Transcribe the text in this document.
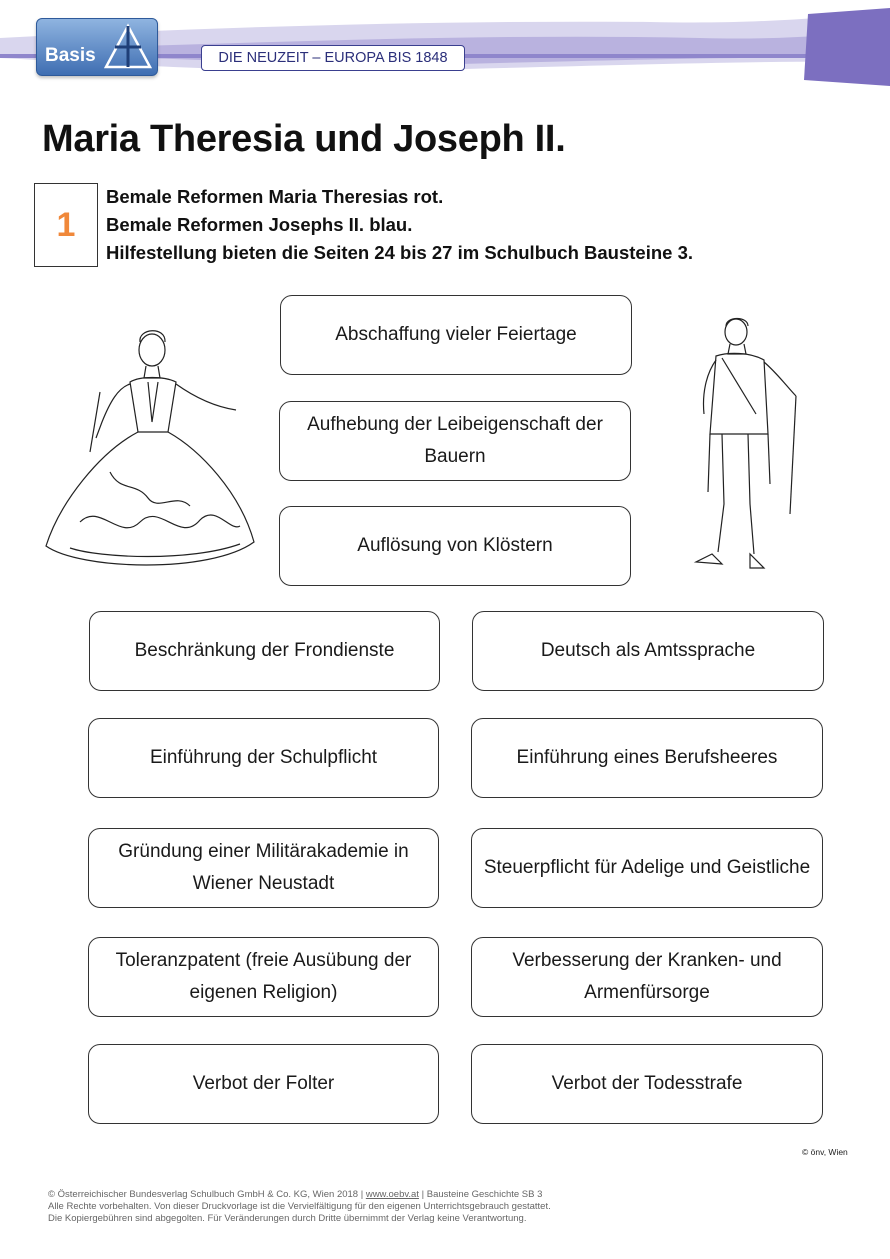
Basis	DIE NEUZEIT – EUROPA BIS 1848
Maria Theresia und Joseph II.
1
Bemale Reformen Maria Theresias rot.
Bemale Reformen Josephs II. blau.
Hilfestellung bieten die Seiten 24 bis 27 im Schulbuch Bausteine 3.
Abschaffung vieler Feiertage
Aufhebung der Leibeigenschaft der Bauern
Auflösung von Klöstern
Beschränkung der Frondienste	Deutsch als Amtssprache
Einführung der Schulpflicht	Einführung eines Berufsheeres
Gründung einer Militärakademie in Wiener Neustadt
Steuerpflicht für Adelige und Geistliche
Toleranzpatent (freie Ausübung der eigenen Religion)
Verbesserung der Kranken- und Armenfürsorge
Verbot der Folter	Verbot der Todesstrafe
© önv, Wien
© Österreichischer Bundesverlag Schulbuch GmbH & Co. KG, Wien 2018 | www.oebv.at | Bausteine Geschichte SB 3
Alle Rechte vorbehalten. Von dieser Druckvorlage ist die Vervielfältigung für den eigenen Unterrichtsgebrauch gestattet.
Die Kopiergebühren sind abgegolten. Für Veränderungen durch Dritte übernimmt der Verlag keine Verantwortung.
